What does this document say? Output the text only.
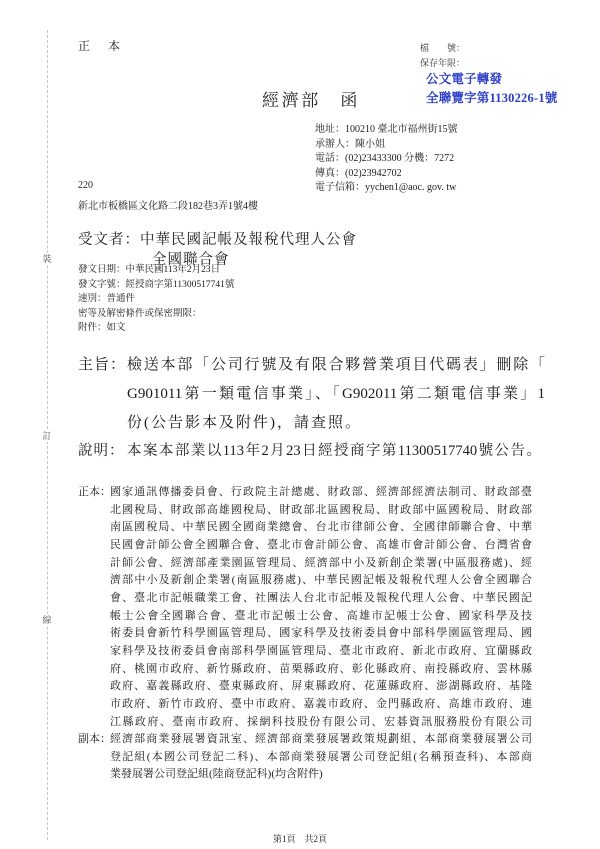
裝
訂
線
正　本	檔　　號：
保存年限：
公文電子轉發
全聯覽字第1130226-1號
經濟部　函
地址：100210 臺北市福州街15號
承辦人：陳小姐
電話：(02)23433300 分機：7272
傳真：(02)23942702
電子信箱：yychen1@aoc. gov. tw
220
新北市板橋區文化路二段182巷3弄1號4樓
受文者：中華民國記帳及報稅代理人公會
全國聯合會
發文日期：中華民國113年2月23日
發文字號：經授商字第11300517741號
速別：普通件
密等及解密條件或保密期限：
附件：如文
主旨： 檢送本部「公司行號及有限合夥營業項目代碼表」刪除「
G901011第一類電信事業」、「G902011第二類電信事業」1
份(公告影本及附件)，請查照。
說明： 本案本部業以113年2月23日經授商字第11300517740號公告。
正本： 國家通訊傳播委員會、行政院主計總處、財政部、經濟部經濟法制司、財政部臺
北國稅局、財政部高雄國稅局、財政部北區國稅局、財政部中區國稅局、財政部
南區國稅局、中華民國全國商業總會、台北市律師公會、全國律師聯合會、中華
民國會計師公會全國聯合會、臺北市會計師公會、高雄市會計師公會、台灣省會
計師公會、經濟部產業園區管理局、經濟部中小及新創企業署(中區服務處)、經
濟部中小及新創企業署(南區服務處)、中華民國記帳及報稅代理人公會全國聯合
會、臺北市記帳職業工會、社團法人台北市記帳及報稅代理人公會、中華民國記
帳士公會全國聯合會、臺北市記帳士公會、高雄市記帳士公會、國家科學及技
術委員會新竹科學園區管理局、國家科學及技術委員會中部科學園區管理局、國
家科學及技術委員會南部科學園區管理局、臺北市政府、新北市政府、宜蘭縣政
府、桃園市政府、新竹縣政府、苗栗縣政府、彰化縣政府、南投縣政府、雲林縣
政府、嘉義縣政府、臺東縣政府、屏東縣政府、花蓮縣政府、澎湖縣政府、基隆
市政府、新竹市政府、臺中市政府、嘉義市政府、金門縣政府、高雄市政府、連
江縣政府、臺南市政府、採網科技股份有限公司、宏碁資訊服務股份有限公司
副本： 經濟部商業發展署資訊室、經濟部商業發展署政策規劃組、本部商業發展署公司
登記組(本國公司登記二科)、本部商業發展署公司登記組(名稱預查科)、本部商
業發展署公司登記組(陸商登記科)(均含附件)
第1頁　共2頁
